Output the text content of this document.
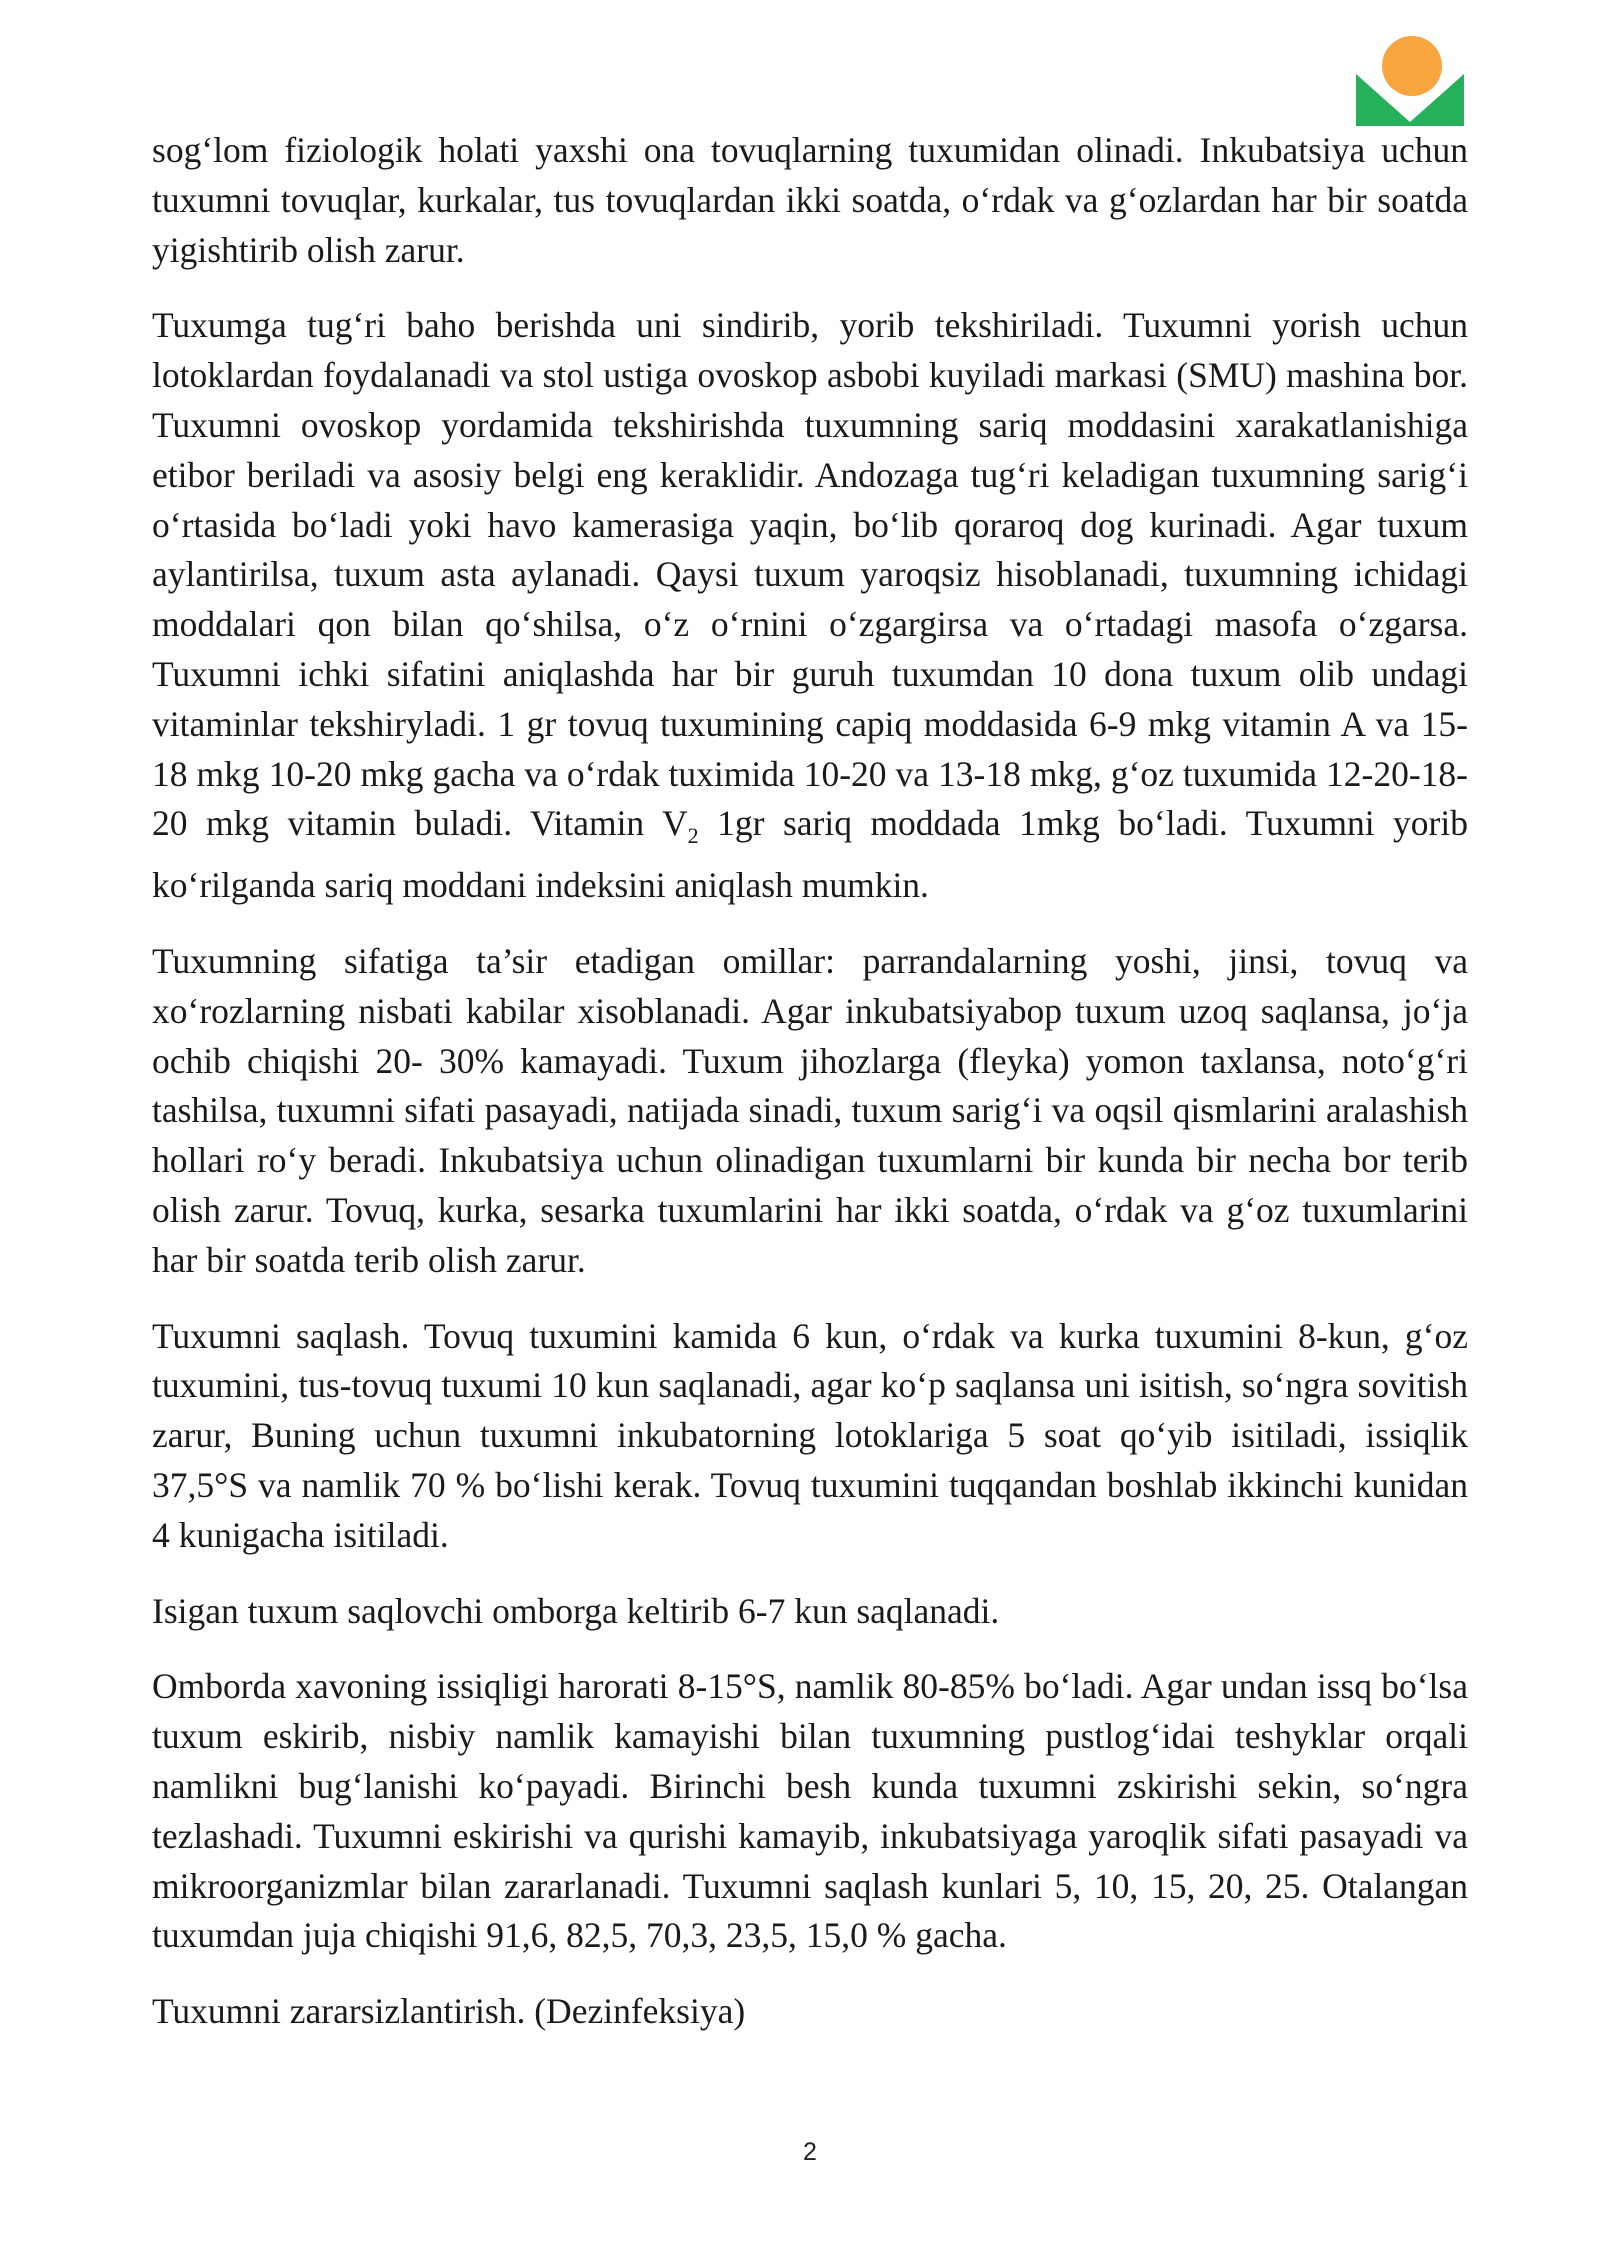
sog‘lom fiziologik holati yaxshi ona tovuqlarning tuxumidan olinadi. Inkubatsiya uchun tuxumni tovuqlar, kurkalar, tus tovuqlardan ikki soatda, o‘rdak va g‘ozlardan har bir soatda yigishtirib olish zarur.

Tuxumga tug‘ri baho berishda uni sindirib, yorib tekshiriladi. Tuxumni yorish uchun lotoklardan foydalanadi va stol ustiga ovoskop asbobi kuyiladi markasi (SMU) mashina bor. Tuxumni ovoskop yordamida tekshirishda tuxumning sariq moddasini xarakatlanishiga etibor beriladi va asosiy belgi eng keraklidir. Andozaga tug‘ri keladigan tuxumning sarig‘i o‘rtasida bo‘ladi yoki havo kamerasiga yaqin, bo‘lib qoraroq dog kurinadi. Agar tuxum aylantirilsa, tuxum asta aylanadi. Qaysi tuxum yaroqsiz hisoblanadi, tuxumning ichidagi moddalari qon bilan qo‘shilsa, o‘z o‘rnini o‘zgargirsa va o‘rtadagi masofa o‘zgarsa. Tuxumni ichki sifatini aniqlashda har bir guruh tuxumdan 10 dona tuxum olib undagi vitaminlar tekshiryladi. 1 gr tovuq tuxumining capiq moddasida 6-9 mkg vitamin A va 15-18 mkg 10-20 mkg gacha va o‘rdak tuximida 10-20 va 13-18 mkg, g‘oz tuxumida 12-20-18-20 mkg vitamin buladi. Vitamin $V_2$ 1gr sariq moddada 1mkg bo‘ladi. Tuxumni yorib ko‘rilganda sariq moddani indeksini aniqlash mumkin.

Tuxumning sifatiga ta’sir etadigan omillar: parrandalarning yoshi, jinsi, tovuq va xo‘rozlarning nisbati kabilar xisoblanadi. Agar inkubatsiyabop tuxum uzoq saqlansa, jo‘ja ochib chiqishi 20- 30% kamayadi. Tuxum jihozlarga (fleyka) yomon taxlansa, noto‘g‘ri tashilsa, tuxumni sifati pasayadi, natijada sinadi, tuxum sarig‘i va oqsil qismlarini aralashish hollari ro‘y beradi. Inkubatsiya uchun olinadigan tuxumlarni bir kunda bir necha bor terib olish zarur. Tovuq, kurka, sesarka tuxumlarini har ikki soatda, o‘rdak va g‘oz tuxumlarini har bir soatda terib olish zarur.

Tuxumni saqlash. Tovuq tuxumini kamida 6 kun, o‘rdak va kurka tuxumini 8-kun, g‘oz tuxumini, tus-tovuq tuxumi 10 kun saqlanadi, agar ko‘p saqlansa uni isitish, so‘ngra sovitish zarur, Buning uchun tuxumni inkubatorning lotoklariga 5 soat qo‘yib isitiladi, issiqlik 37,5°S va namlik 70 % bo‘lishi kerak. Tovuq tuxumini tuqqandan boshlab ikkinchi kunidan 4 kunigacha isitiladi.

Isigan tuxum saqlovchi omborga keltirib 6-7 kun saqlanadi.

Omborda xavoning issiqligi harorati 8-15°S, namlik 80-85% bo‘ladi. Agar undan issq bo‘lsa tuxum eskirib, nisbiy namlik kamayishi bilan tuxumning pustlog‘idai teshyklar orqali namlikni bug‘lanishi ko‘payadi. Birinchi besh kunda tuxumni zskirishi sekin, so‘ngra tezlashadi. Tuxumni eskirishi va qurishi kamayib, inkubatsiyaga yaroqlik sifati pasayadi va mikroorganizmlar bilan zararlanadi. Tuxumni saqlash kunlari 5, 10, 15, 20, 25. Otalangan tuxumdan juja chiqishi 91,6, 82,5, 70,3, 23,5, 15,0 % gacha.

Tuxumni zararsizlantirish. (Dezinfeksiya)

2
